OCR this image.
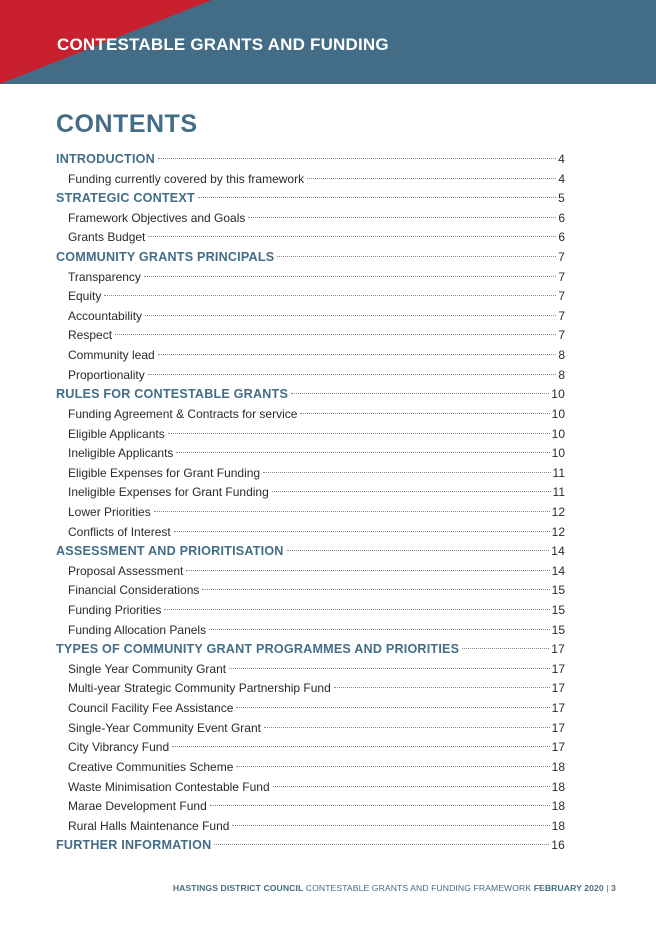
CONTESTABLE GRANTS AND FUNDING
CONTENTS
INTRODUCTION	4
Funding currently covered by this framework	4
STRATEGIC CONTEXT	5
Framework Objectives and Goals	6
Grants Budget	6
COMMUNITY GRANTS PRINCIPALS	7
Transparency	7
Equity	7
Accountability	7
Respect	7
Community lead	8
Proportionality	8
RULES FOR CONTESTABLE GRANTS	10
Funding Agreement & Contracts for service	10
Eligible Applicants	10
Ineligible Applicants	10
Eligible Expenses for Grant Funding	11
Ineligible Expenses for Grant Funding	11
Lower Priorities	12
Conflicts of Interest	12
ASSESSMENT AND PRIORITISATION	14
Proposal Assessment	14
Financial Considerations	15
Funding Priorities	15
Funding Allocation Panels	15
TYPES OF COMMUNITY GRANT PROGRAMMES AND PRIORITIES	17
Single Year Community Grant	17
Multi-year Strategic Community Partnership Fund	17
Council Facility Fee Assistance	17
Single-Year Community Event Grant	17
City Vibrancy Fund	17
Creative Communities Scheme	18
Waste Minimisation Contestable Fund	18
Marae Development Fund	18
Rural Halls Maintenance Fund	18
FURTHER INFORMATION	16
HASTINGS DISTRICT COUNCIL CONTESTABLE GRANTS AND FUNDING FRAMEWORK FEBRUARY 2020 | 3
